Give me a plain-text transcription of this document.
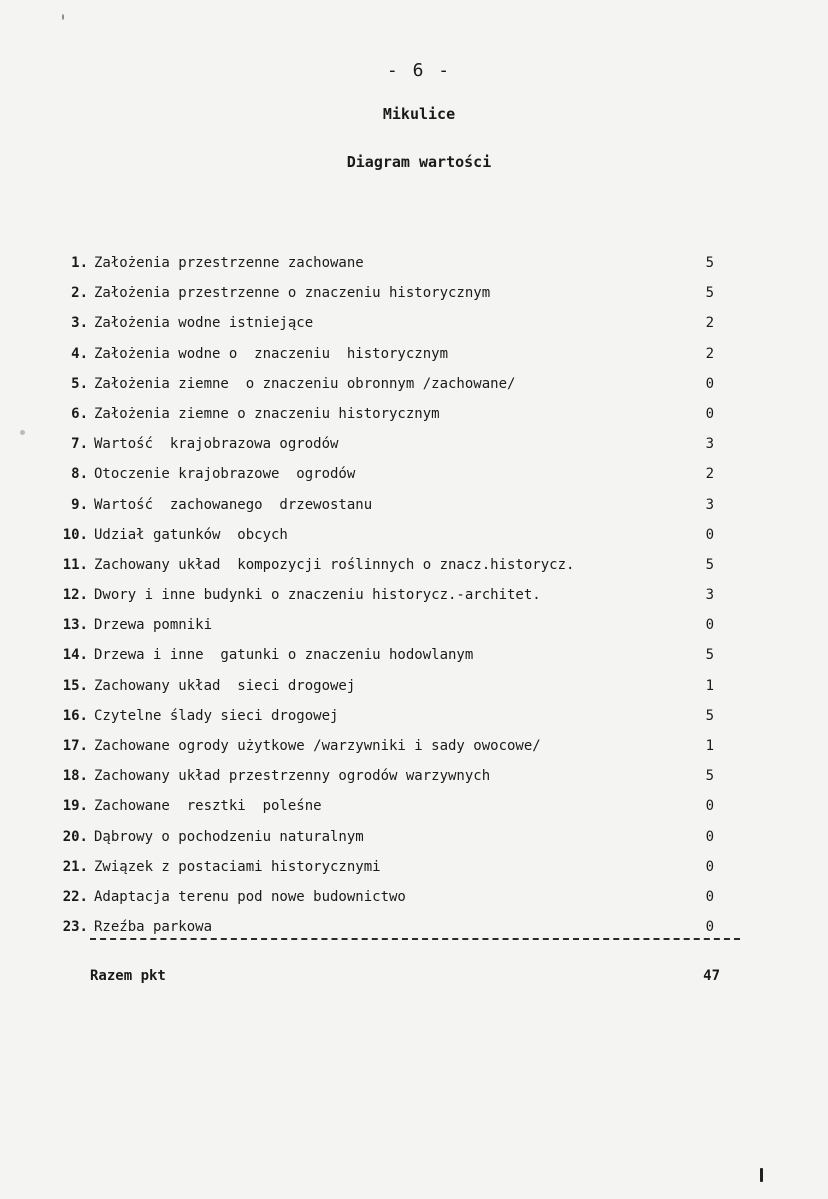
- 6 -
Mikulice
Diagram wartości
1. Założenia przestrzenne zachowane	5
2. Założenia przestrzenne o znaczeniu historycznym	5
3. Założenia wodne istniejące	2
4. Założenia wodne o  znaczeniu  historycznym	2
5. Założenia ziemne  o znaczeniu obronnym /zachowane/	0
6. Założenia ziemne o znaczeniu historycznym	0
7. Wartość  krajobrazowa ogrodów	3
8. Otoczenie krajobrazowe  ogrodów	2
9. Wartość  zachowanego  drzewostanu	3
10. Udział gatunków  obcych	0
11. Zachowany układ  kompozycji roślinnych o znacz.historycz.	5
12. Dwory i inne budynki o znaczeniu historycz.-architet.	3
13. Drzewa pomniki	0
14. Drzewa i inne  gatunki o znaczeniu hodowlanym	5
15. Zachowany układ  sieci drogowej	1
16. Czytelne ślady sieci drogowej	5
17. Zachowane ogrody użytkowe /warzywniki i sady owocowe/	1
18. Zachowany układ przestrzenny ogrodów warzywnych	5
19. Zachowane  resztki  poleśne	0
20. Dąbrowy o pochodzeniu naturalnym	0
21. Związek z postaciami historycznymi	0
22. Adaptacja terenu pod nowe budownictwo	0
23. Rzeźba parkowa	0
Razem pkt	47
